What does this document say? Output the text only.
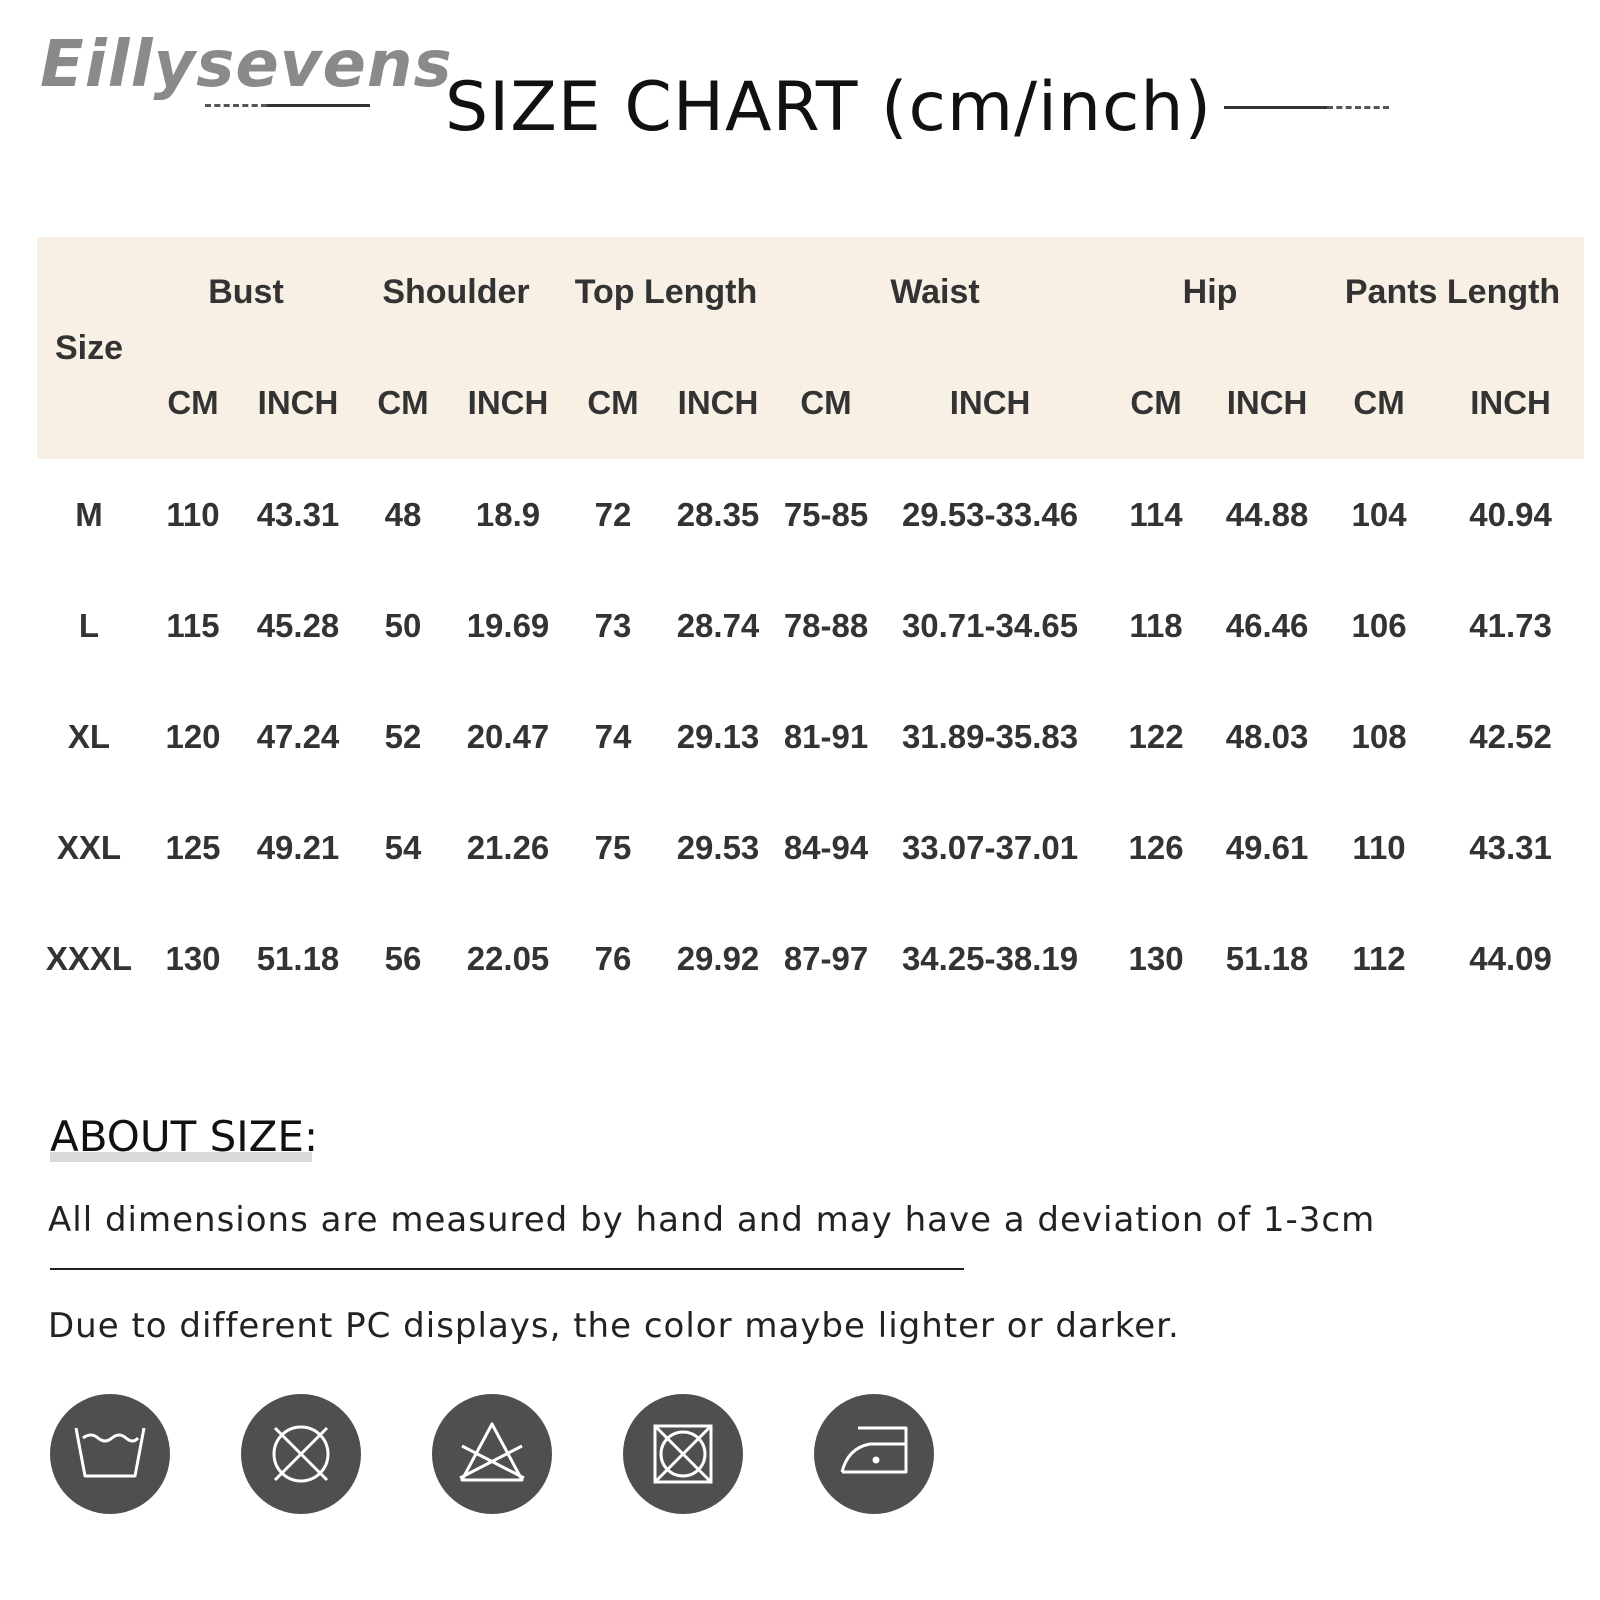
Eillysevens
SIZE CHART (cm/inch)
Size	Bust		Shoulder		Top Length		Waist		Hip		Pants Length	
	CM	INCH	CM	INCH	CM	INCH	CM	INCH	CM	INCH	CM	INCH
M	110	43.31	48	18.9	72	28.35	75-85	29.53-33.46	114	44.88	104	40.94
L	115	45.28	50	19.69	73	28.74	78-88	30.71-34.65	118	46.46	106	41.73
XL	120	47.24	52	20.47	74	29.13	81-91	31.89-35.83	122	48.03	108	42.52
XXL	125	49.21	54	21.26	75	29.53	84-94	33.07-37.01	126	49.61	110	43.31
XXXL	130	51.18	56	22.05	76	29.92	87-97	34.25-38.19	130	51.18	112	44.09
ABOUT SIZE:
All dimensions are measured by hand and may have a deviation of 1-3cm
Due to different PC displays, the color maybe lighter or darker.
